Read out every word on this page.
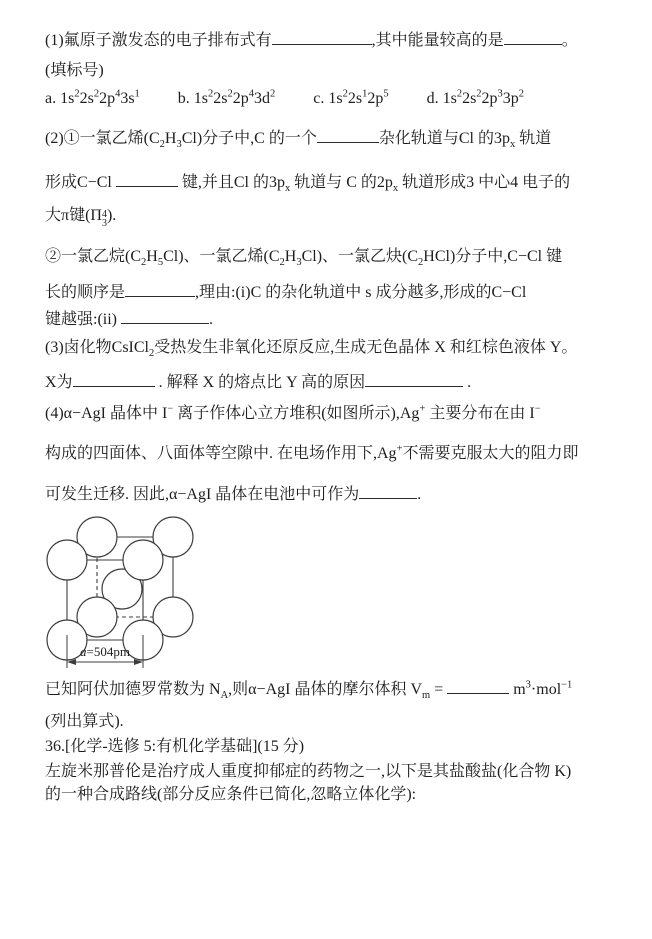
(1)氟原子激发态的电子排布式有	,其中能量较高的是	。

(填标号)

a. $1s^22s^22p^43s^1$ b. $1s^22s^22p^43d^2$ c. $1s^22s^12p^5$ d. $1s^22s^22p^33p^2$

(2)①一氯乙烯$(C_2H_3Cl)$分子中,C 的一个	杂化轨道与Cl 的$3p_x$ 轨道

形成C−Cl	键,并且Cl 的$3p_x$ 轨道与 C 的$2p_x$ 轨道形成3 中心4 电子的

大π键(Π 4
3 ).

②一氯乙烷$(C_2H_5Cl)$、一氯乙烯$(C_2H_3Cl)$、一氯乙炔$(C_2HCl)$分子中,C−Cl 键

长的顺序是	,理由:(i)C 的杂化轨道中 s 成分越多,形成的C−Cl

键越强:(ii)	.

(3)卤化物CsICl$_2$受热发生非氧化还原反应,生成无色晶体 X 和红棕色液体 Y。

X为	. 解释 X 的熔点比 Y 高的原因	.

(4)α−AgI 晶体中 I− 离子作体心立方堆积(如图所示),Ag+ 主要分布在由 I−

构成的四面体、八面体等空隙中. 在电场作用下,Ag+不需要克服太大的阻力即

可发生迁移. 因此,α−AgI 晶体在电池中可作为	.

a=504pm

已知阿伏加德罗常数为 $N_A$,则α−AgI 晶体的摩尔体积 $V_m$ =	$m^3\cdot mol^{-1}$

(列出算式).

36.[化学-选修 5:有机化学基础](15 分)

左旋米那普伦是治疗成人重度抑郁症的药物之一,以下是其盐酸盐(化合物 K)

的一种合成路线(部分反应条件已简化,忽略立体化学):
